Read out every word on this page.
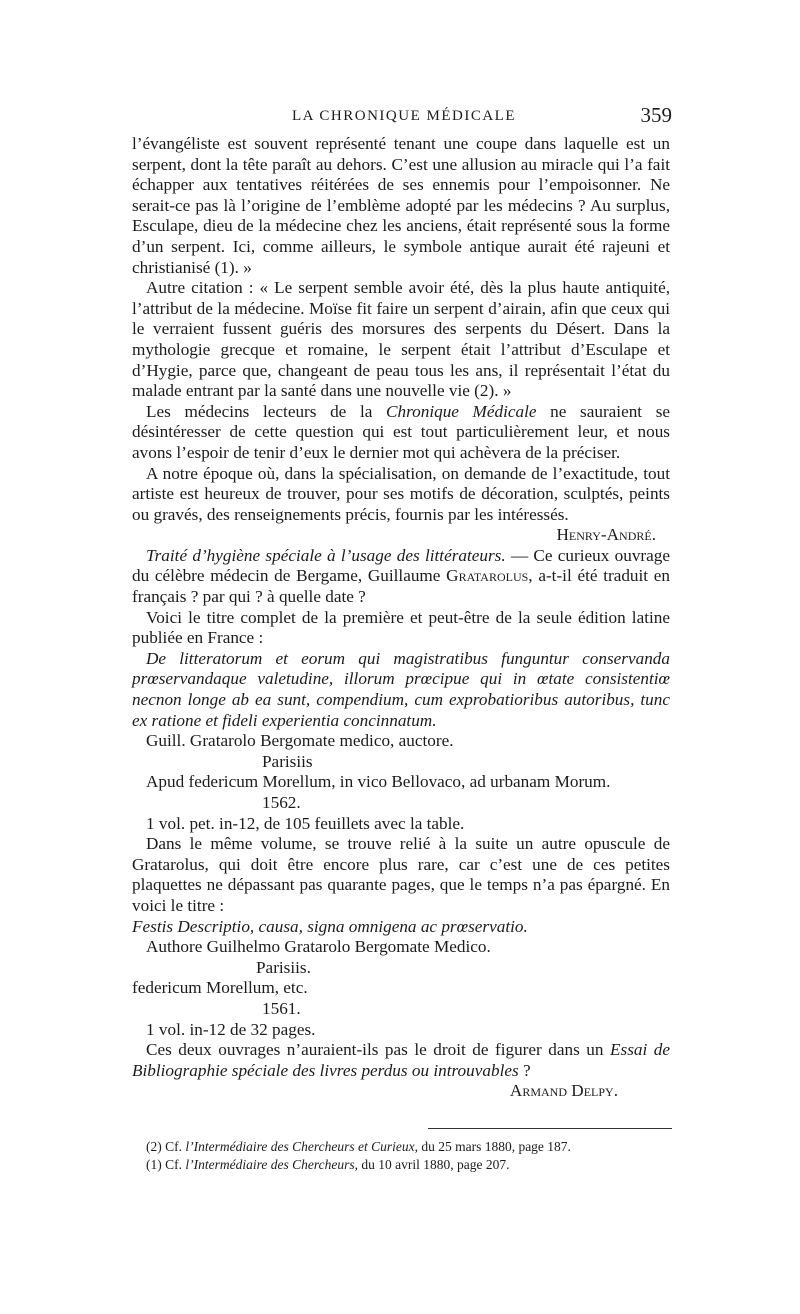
LA CHRONIQUE MÉDICALE	359

l’évangéliste est souvent représenté tenant une coupe dans laquelle est un serpent, dont la tête paraît au dehors. C’est une allusion au miracle qui l’a fait échapper aux tentatives réitérées de ses ennemis pour l’empoisonner. Ne serait-ce pas là l’origine de l’emblème adopté par les médecins ? Au surplus, Esculape, dieu de la médecine chez les anciens, était représenté sous la forme d’un serpent. Ici, comme ailleurs, le symbole antique aurait été rajeuni et christianisé (1). »

Autre citation : « Le serpent semble avoir été, dès la plus haute antiquité, l’attribut de la médecine. Moïse fit faire un serpent d’airain, afin que ceux qui le verraient fussent guéris des morsures des serpents du Désert. Dans la mythologie grecque et romaine, le serpent était l’attribut d’Esculape et d’Hygie, parce que, changeant de peau tous les ans, il représentait l’état du malade entrant par la santé dans une nouvelle vie (2). »

Les médecins lecteurs de la Chronique Médicale ne sauraient se désintéresser de cette question qui est tout particulièrement leur, et nous avons l’espoir de tenir d’eux le dernier mot qui achèvera de la préciser.

A notre époque où, dans la spécialisation, on demande de l’exactitude, tout artiste est heureux de trouver, pour ses motifs de décoration, sculptés, peints ou gravés, des renseignements précis, fournis par les intéressés.

Henry-André.

Traité d’hygiène spéciale à l’usage des littérateurs. — Ce curieux ouvrage du célèbre médecin de Bergame, Guillaume Gratarolus, a-t-il été traduit en français ? par qui ? à quelle date ?

Voici le titre complet de la première et peut-être de la seule édition latine publiée en France :

De litteratorum et eorum qui magistratibus funguntur conservanda prœservandaque valetudine, illorum prœcipue qui in œtate consistentiœ necnon longe ab ea sunt, compendium, cum exprobatioribus autoribus, tunc ex ratione et fideli experientia concinnatum.

Guill. Gratarolo Bergomate medico, auctore.

Parisiis

Apud federicum Morellum, in vico Bellovaco, ad urbanam Morum.

1562.

1 vol. pet. in-12, de 105 feuillets avec la table.

Dans le même volume, se trouve relié à la suite un autre opuscule de Gratarolus, qui doit être encore plus rare, car c’est une de ces petites plaquettes ne dépassant pas quarante pages, que le temps n’a pas épargné. En voici le titre :

Festis Descriptio, causa, signa omnigena ac prœservatio.

Authore Guilhelmo Gratarolo Bergomate Medico.

Parisiis.

federicum Morellum, etc.

1561.

1 vol. in-12 de 32 pages.

Ces deux ouvrages n’auraient-ils pas le droit de figurer dans un Essai de Bibliographie spéciale des livres perdus ou introuvables ?

Armand Delpy.

(2) Cf. l’Intermédiaire des Chercheurs et Curieux, du 25 mars 1880, page 187.

(1) Cf. l’Intermédiaire des Chercheurs, du 10 avril 1880, page 207.
